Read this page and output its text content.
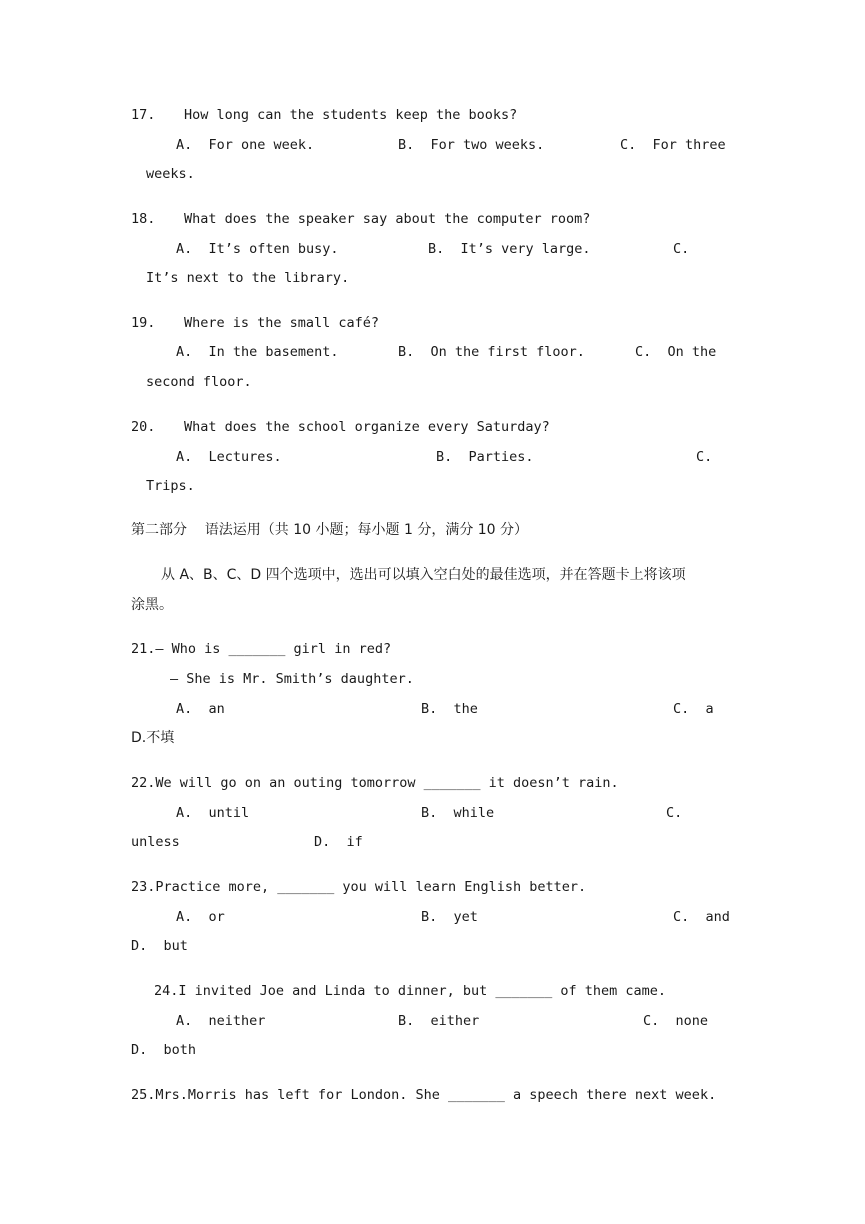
17. How long can the students keep the books?
A.  For one week.	B.  For two weeks.	C.  For three
weeks.
18. What does the speaker say about the computer room?
A.  It’s often busy.	B.  It’s very large.	C.
It’s next to the library.
19. Where is the small café?
A.  In the basement.	B.  On the first floor.	C.  On the
second floor.
20. What does the school organize every Saturday?
A.  Lectures.	B.  Parties.	C.
Trips.
第二部分    语法运用（共 10 小题；每小题 1 分，满分 10 分）
从 A、B、C、D 四个选项中，选出可以填入空白处的最佳选项，并在答题卡上将该项
涂黑。
21.— Who is _______ girl in red?
— She is Mr. Smith’s daughter.
A.  an	B.  the	C.  a
D.不填
22.We will go on an outing tomorrow _______ it doesn’t rain.
A.  until	B.  while	C.
unless	D.  if
23.Practice more, _______ you will learn English better.
A.  or	B.  yet	C.  and
D.  but
24.I invited Joe and Linda to dinner, but _______ of them came.
A.  neither	B.  either	C.  none
D.  both
25.Mrs.Morris has left for London. She _______ a speech there next week.
